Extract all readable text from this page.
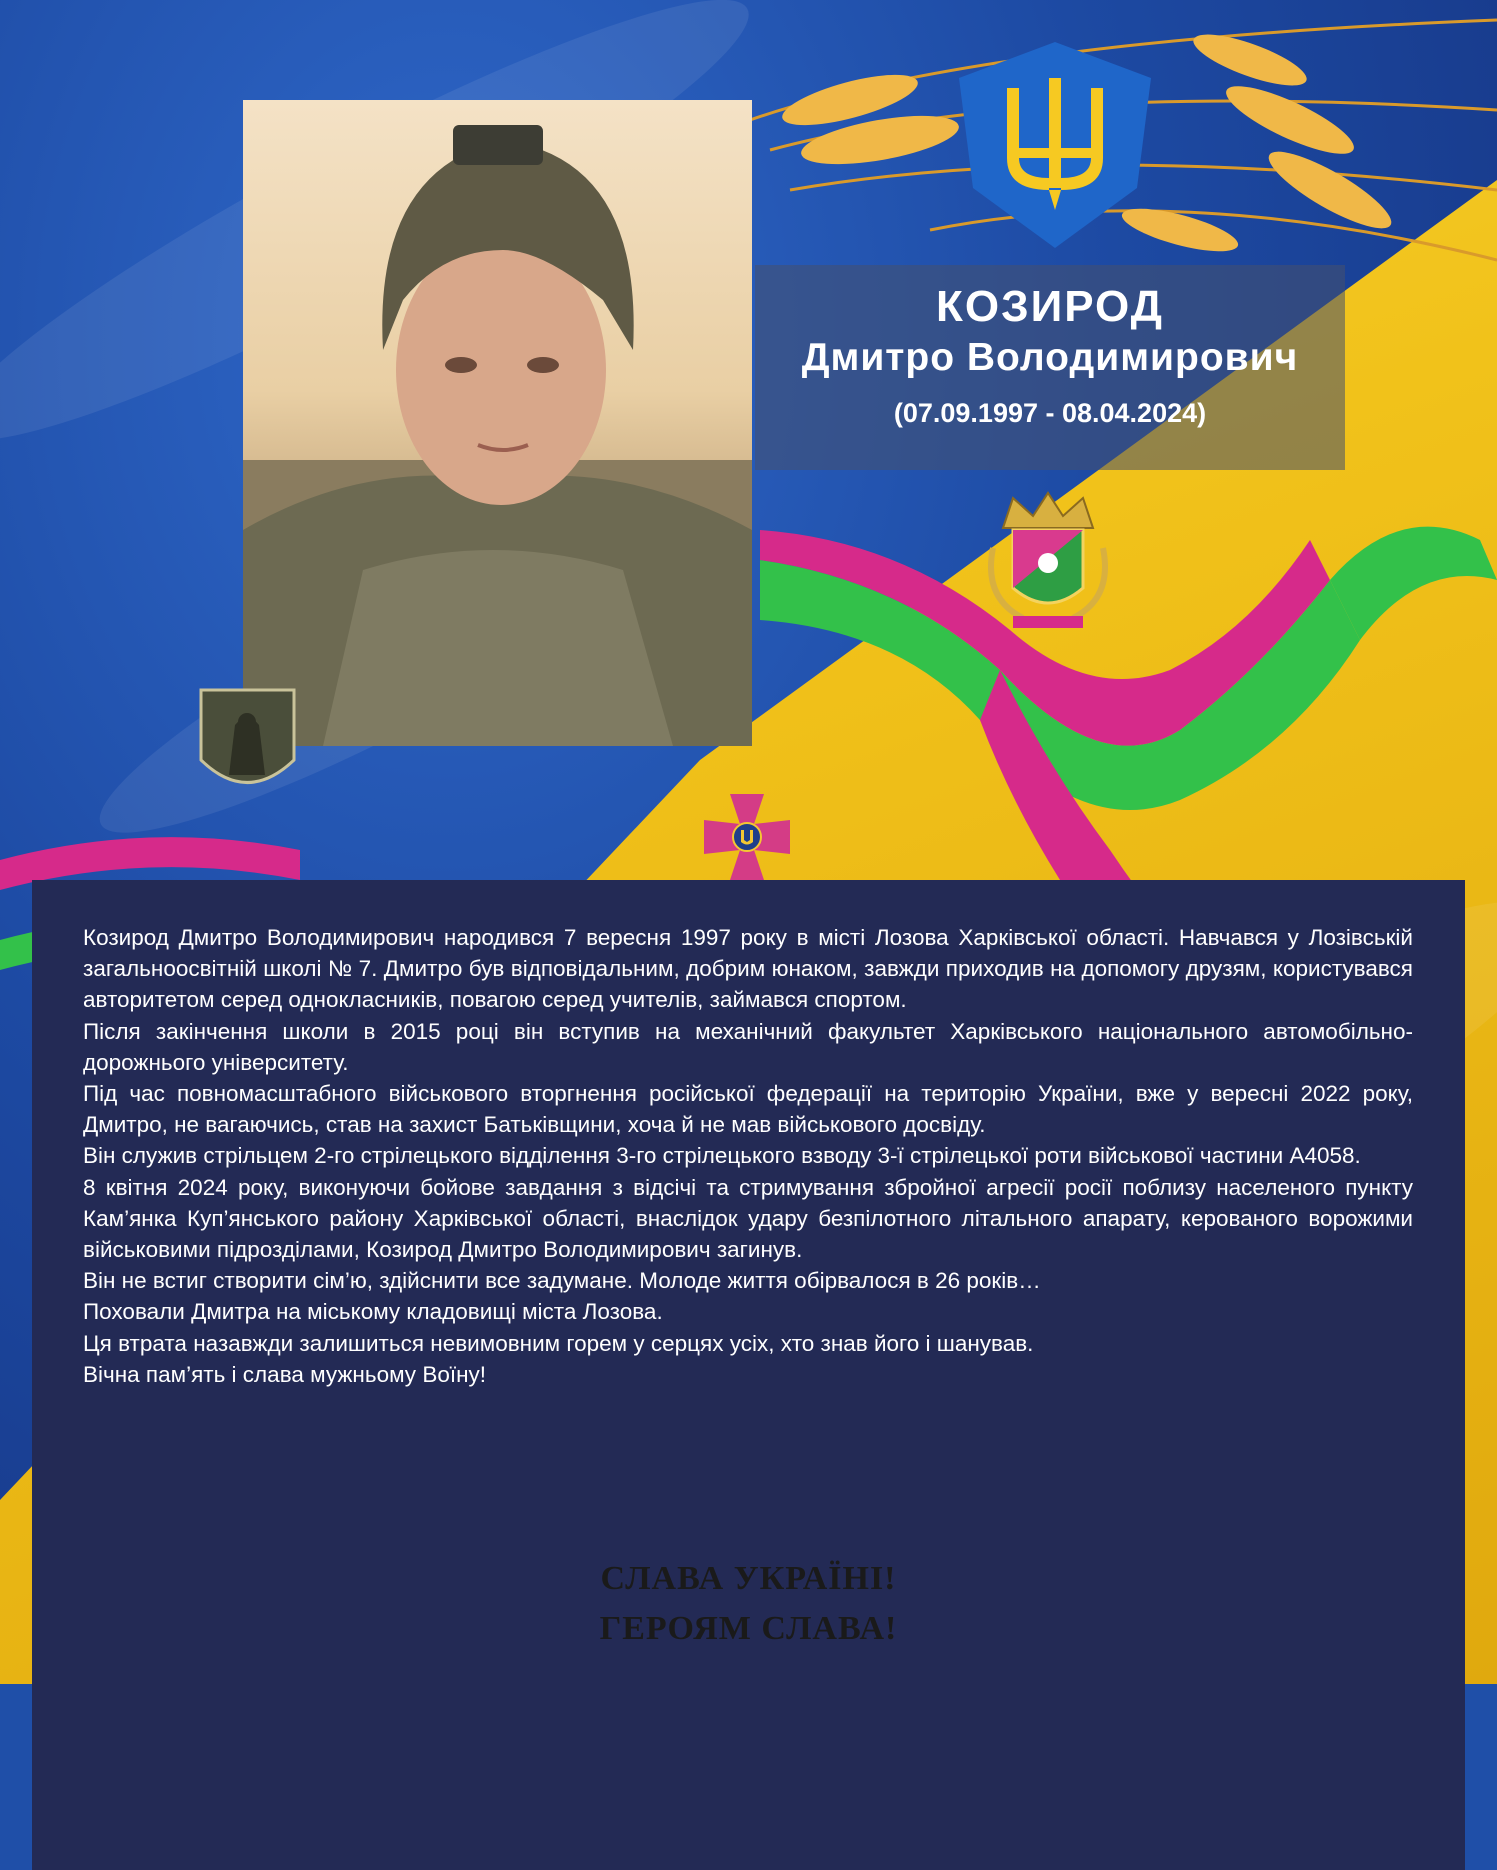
КОЗИРОД
Дмитро Володимирович
(07.09.1997 - 08.04.2024)

Козирод Дмитро Володимирович народився 7 вересня 1997 року в місті Лозова Харківської області. Навчався у Лозівській загальноосвітній школі № 7. Дмитро був відповідальним, добрим юнаком, завжди приходив на допомогу друзям, користувався авторитетом серед однокласників, повагою серед учителів, займався спортом.

Після закінчення школи в 2015 році він вступив на механічний факультет Харківського національного автомобільно-дорожнього університету.

Під час повномасштабного військового вторгнення російської федерації на територію України, вже у вересні 2022 року, Дмитро, не вагаючись, став на захист Батьківщини, хоча й не мав військового досвіду.

Він служив стрільцем 2-го стрілецького відділення 3-го стрілецького взводу 3-ї стрілецької роти військової частини А4058.

8 квітня 2024 року, виконуючи бойове завдання з відсічі та стримування збройної агресії росії поблизу населеного пункту Кам’янка Куп’янського району Харківської області, внаслідок удару безпілотного літального апарату, керованого ворожими військовими підрозділами, Козирод Дмитро Володимирович загинув.

Він не встиг створити сім’ю, здійснити все задумане. Молоде життя обірвалося в 26 років…

Поховали Дмитра на міському кладовищі міста Лозова.

Ця втрата назавжди залишиться невимовним горем у серцях усіх, хто знав його і шанував.

Вічна пам’ять і слава мужньому Воїну!

СЛАВА УКРАЇНІ!
ГЕРОЯМ СЛАВА!
